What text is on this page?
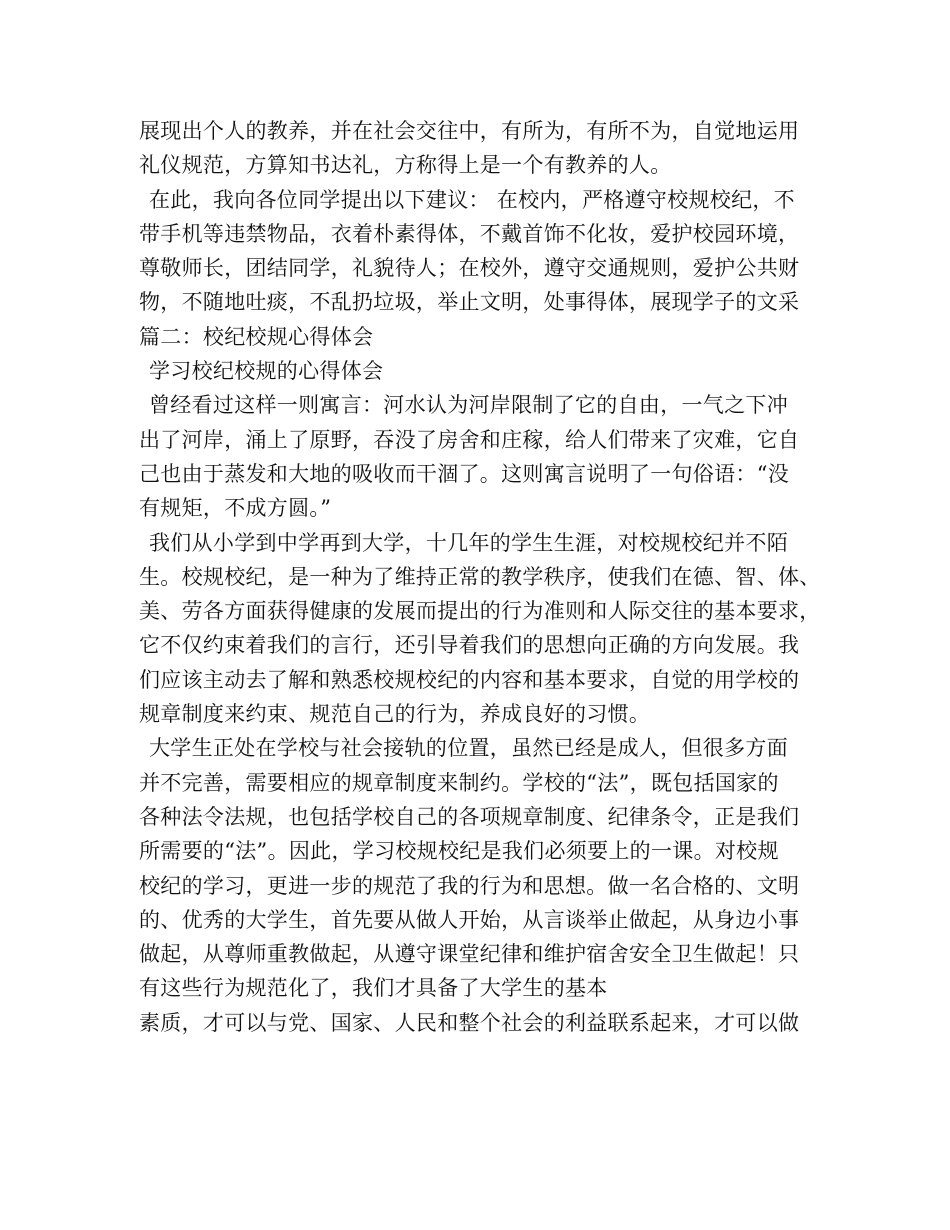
展现出个人的教养，并在社会交往中，有所为，有所不为，自觉地运用
礼仪规范，方算知书达礼，方称得上是一个有教养的人。
在此，我向各位同学提出以下建议： 在校内，严格遵守校规校纪，不
带手机等违禁物品，衣着朴素得体，不戴首饰不化妆，爱护校园环境，
尊敬师长，团结同学，礼貌待人；在校外，遵守交通规则，爱护公共财
物，不随地吐痰，不乱扔垃圾，举止文明，处事得体，展现学子的文采
篇二：校纪校规心得体会
学习校纪校规的心得体会
曾经看过这样一则寓言：河水认为河岸限制了它的自由，一气之下冲
出了河岸，涌上了原野，吞没了房舍和庄稼，给人们带来了灾难，它自
己也由于蒸发和大地的吸收而干涸了。这则寓言说明了一句俗语：“没
有规矩，不成方圆。”
我们从小学到中学再到大学，十几年的学生生涯，对校规校纪并不陌
生。校规校纪，是一种为了维持正常的教学秩序，使我们在德、智、体、
美、劳各方面获得健康的发展而提出的行为准则和人际交往的基本要求，
它不仅约束着我们的言行，还引导着我们的思想向正确的方向发展。我
们应该主动去了解和熟悉校规校纪的内容和基本要求，自觉的用学校的
规章制度来约束、规范自己的行为，养成良好的习惯。
大学生正处在学校与社会接轨的位置，虽然已经是成人，但很多方面
并不完善，需要相应的规章制度来制约。学校的“法”，既包括国家的
各种法令法规，也包括学校自己的各项规章制度、纪律条令，正是我们
所需要的“法”。因此，学习校规校纪是我们必须要上的一课。对校规
校纪的学习，更进一步的规范了我的行为和思想。做一名合格的、文明
的、优秀的大学生，首先要从做人开始，从言谈举止做起，从身边小事
做起，从尊师重教做起，从遵守课堂纪律和维护宿舍安全卫生做起！只
有这些行为规范化了，我们才具备了大学生的基本
素质，才可以与党、国家、人民和整个社会的利益联系起来，才可以做
